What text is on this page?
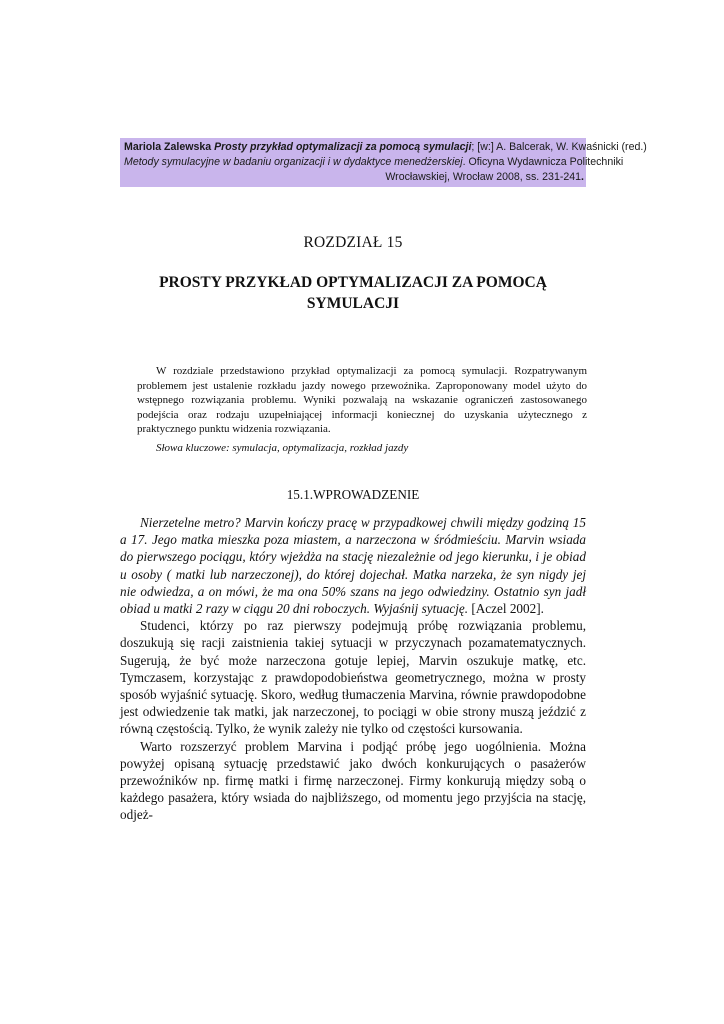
Mariola Zalewska Prosty przykład optymalizacji za pomocą symulacji; [w:] A. Balcerak, W. Kwaśnicki (red.)
Metody symulacyjne w badaniu organizacji i w dydaktyce menedżerskiej. Oficyna Wydawnicza Politechniki
Wrocławskiej, Wrocław 2008, ss. 231-241.
ROZDZIAŁ 15
PROSTY PRZYKŁAD OPTYMALIZACJI ZA POMOCĄ
SYMULACJI

W rozdziale przedstawiono przykład optymalizacji za pomocą symulacji. Rozpatrywanym problemem jest ustalenie rozkładu jazdy nowego przewoźnika. Zaproponowany model użyto do wstępnego rozwiązania problemu. Wyniki pozwalają na wskazanie ograniczeń zastosowanego podejścia oraz rodzaju uzupełniającej informacji koniecznej do uzyskania użytecznego z praktycznego punktu widzenia rozwiązania.

Słowa kluczowe: symulacja, optymalizacja, rozkład jazdy
15.1.WPROWADZENIE

Nierzetelne metro? Marvin kończy pracę w przypadkowej chwili między godziną 15 a 17. Jego matka mieszka poza miastem, a narzeczona w śródmieściu. Marvin wsiada do pierwszego pociągu, który wjeżdża na stację niezależnie od jego kierunku, i je obiad u osoby ( matki lub narzeczonej), do której dojechał. Matka narzeka, że syn nigdy jej nie odwiedza, a on mówi, że ma ona 50% szans na jego odwiedziny. Ostatnio syn jadł obiad u matki 2 razy w ciągu 20 dni roboczych. Wyjaśnij sytuację. [Aczel 2002].

Studenci, którzy po raz pierwszy podejmują próbę rozwiązania problemu, doszukują się racji zaistnienia takiej sytuacji w przyczynach pozamatematycznych. Sugerują, że być może narzeczona gotuje lepiej, Marvin oszukuje matkę, etc. Tymczasem, korzystając z prawdopodobieństwa geometrycznego, można w prosty sposób wyjaśnić sytuację. Skoro, według tłumaczenia Marvina, równie prawdopodobne jest odwiedzenie tak matki, jak narzeczonej, to pociągi w obie strony muszą jeździć z równą częstością. Tylko, że wynik zależy nie tylko od częstości kursowania.

Warto rozszerzyć problem Marvina i podjąć próbę jego uogólnienia. Można powyżej opisaną sytuację przedstawić jako dwóch konkurujących o pasażerów przewoźników np. firmę matki i firmę narzeczonej. Firmy konkurują między sobą o każdego pasażera, który wsiada do najbliższego, od momentu jego przyjścia na stację, odjeż-
